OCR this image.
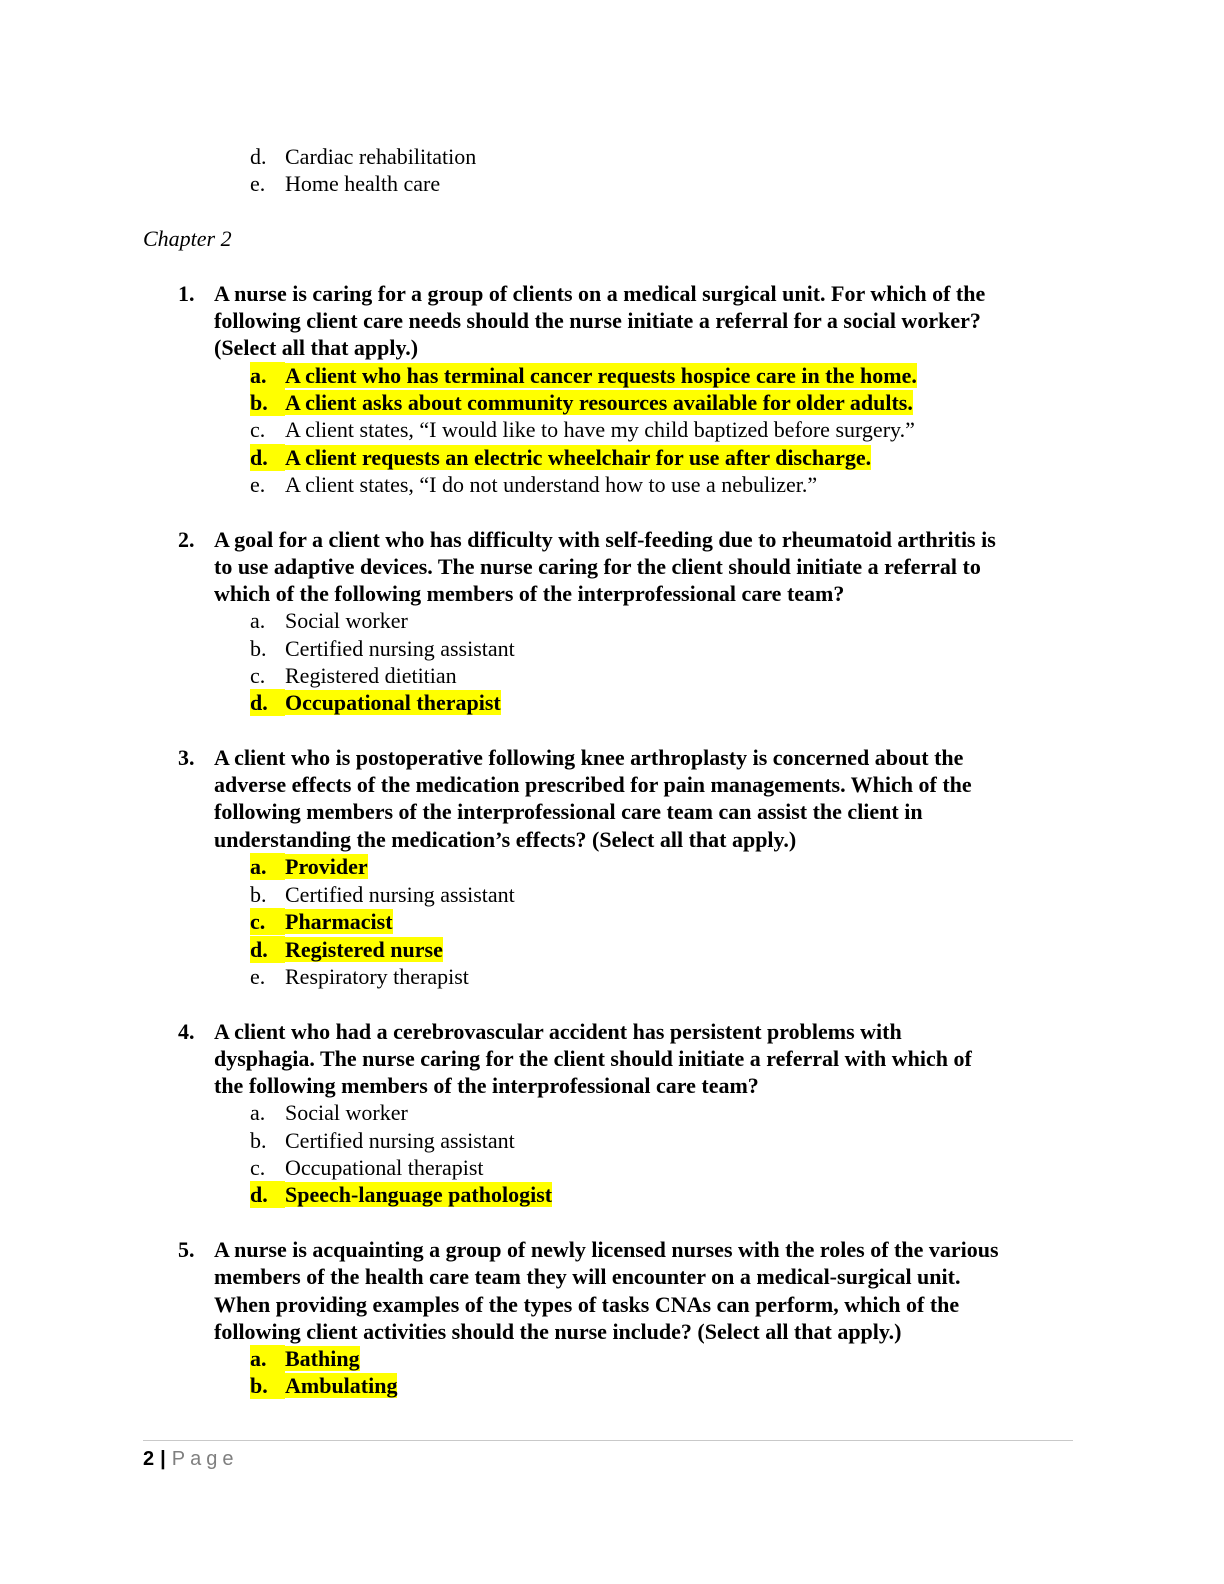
d. Cardiac rehabilitation
e. Home health care
Chapter 2
1. A nurse is caring for a group of clients on a medical surgical unit. For which of the
following client care needs should the nurse initiate a referral for a social worker?
(Select all that apply.)
a. A client who has terminal cancer requests hospice care in the home.
b. A client asks about community resources available for older adults.
c. A client states, “I would like to have my child baptized before surgery.”
d. A client requests an electric wheelchair for use after discharge.
e. A client states, “I do not understand how to use a nebulizer.”
2. A goal for a client who has difficulty with self-feeding due to rheumatoid arthritis is
to use adaptive devices. The nurse caring for the client should initiate a referral to
which of the following members of the interprofessional care team?
a. Social worker
b. Certified nursing assistant
c. Registered dietitian
d. Occupational therapist
3. A client who is postoperative following knee arthroplasty is concerned about the
adverse effects of the medication prescribed for pain managements. Which of the
following members of the interprofessional care team can assist the client in
understanding the medication’s effects? (Select all that apply.)
a. Provider
b. Certified nursing assistant
c. Pharmacist
d. Registered nurse
e. Respiratory therapist
4. A client who had a cerebrovascular accident has persistent problems with
dysphagia. The nurse caring for the client should initiate a referral with which of
the following members of the interprofessional care team?
a. Social worker
b. Certified nursing assistant
c. Occupational therapist
d. Speech-language pathologist
5. A nurse is acquainting a group of newly licensed nurses with the roles of the various
members of the health care team they will encounter on a medical-surgical unit.
When providing examples of the types of tasks CNAs can perform, which of the
following client activities should the nurse include? (Select all that apply.)
a. Bathing
b. Ambulating
2 | Page
